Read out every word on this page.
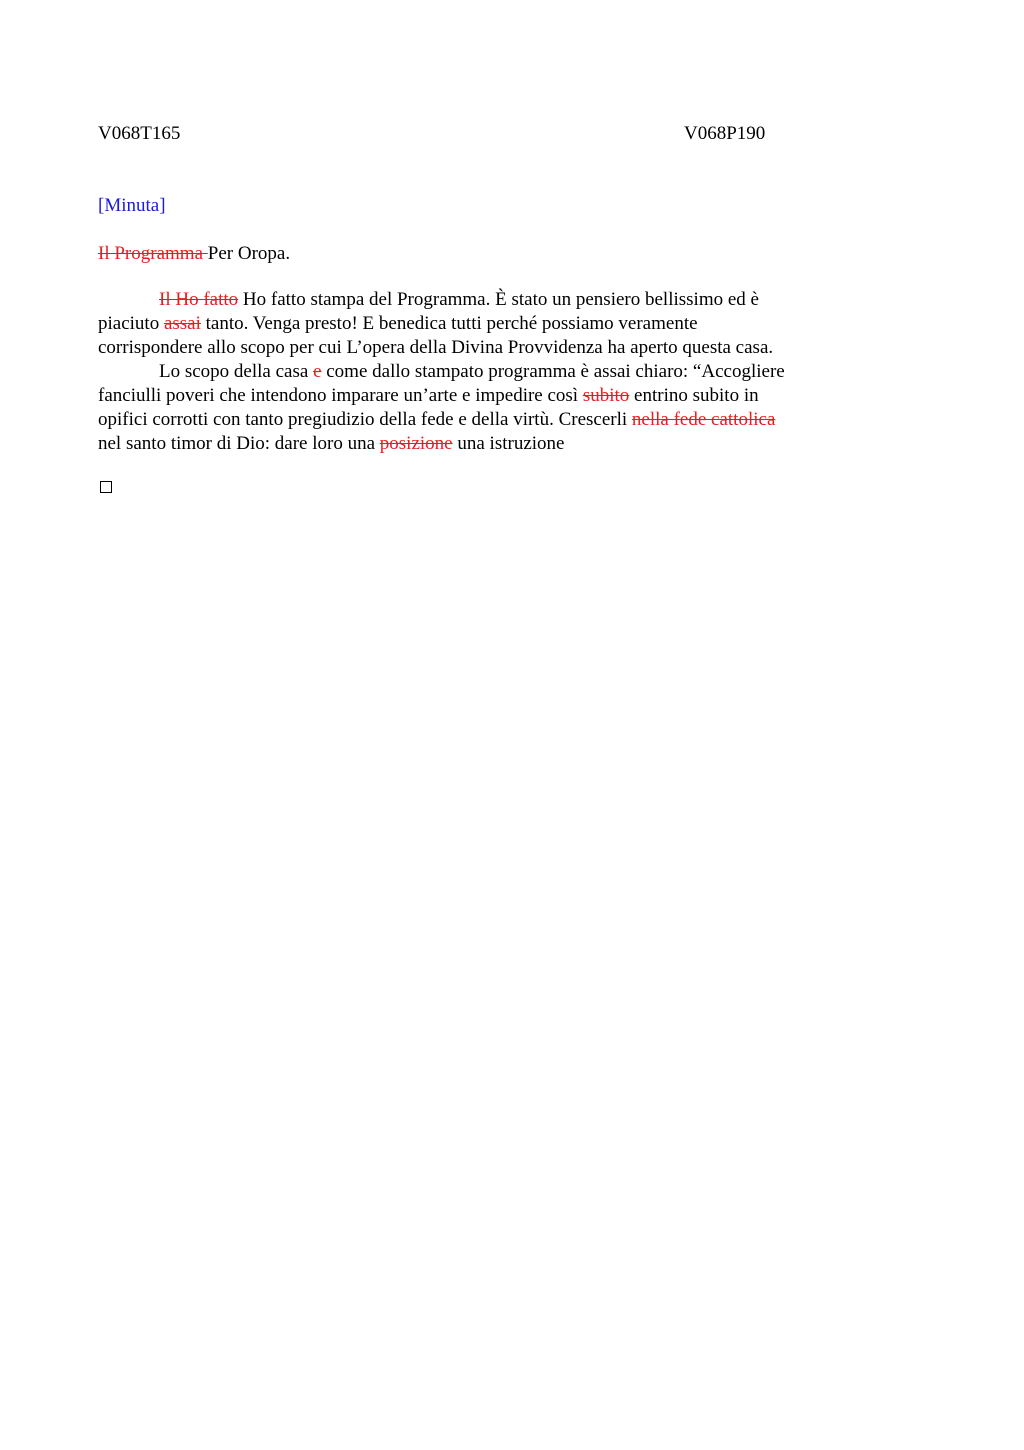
V068T165	V068P190
[Minuta]
Il Programma Per Oropa.
Il Ho fatto Ho fatto stampa del Programma. È stato un pensiero bellissimo ed è
piaciuto assai tanto. Venga presto! E benedica tutti perché possiamo veramente
corrispondere allo scopo per cui L’opera della Divina Provvidenza ha aperto questa casa.
Lo scopo della casa e come dallo stampato programma è assai chiaro: “Accogliere
fanciulli poveri che intendono imparare un’arte e impedire così subito entrino subito in
opifici corrotti con tanto pregiudizio della fede e della virtù. Crescerli nella fede cattolica
nel santo timor di Dio: dare loro una posizione una istruzione
